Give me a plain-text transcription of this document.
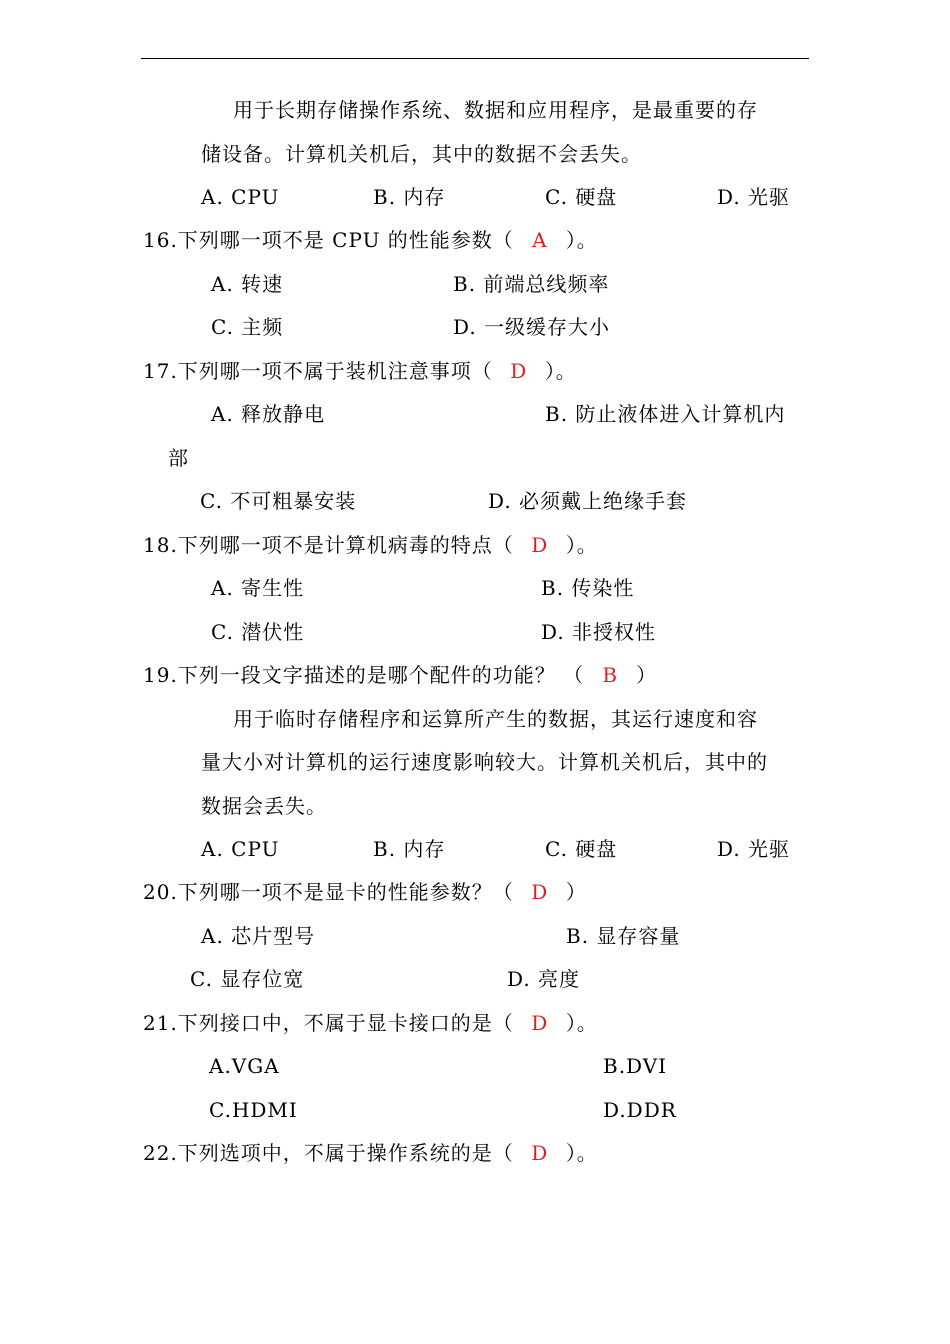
用于长期存储操作系统、数据和应用程序，是最重要的存
储设备。计算机关机后，其中的数据不会丢失。
A. CPU	B. 内存	C. 硬盘	D. 光驱
16.下列哪一项不是 CPU 的性能参数（ A ）。
A. 转速	B. 前端总线频率
C. 主频	D. 一级缓存大小
17.下列哪一项不属于装机注意事项（ D ）。
A. 释放静电	B. 防止液体进入计算机内
部
C. 不可粗暴安装	D. 必须戴上绝缘手套
18.下列哪一项不是计算机病毒的特点（ D ）。
A. 寄生性	B. 传染性
C. 潜伏性	D. 非授权性
19.下列一段文字描述的是哪个配件的功能？ （ B ）
用于临时存储程序和运算所产生的数据，其运行速度和容
量大小对计算机的运行速度影响较大。计算机关机后，其中的
数据会丢失。
A. CPU	B. 内存	C. 硬盘	D. 光驱
20.下列哪一项不是显卡的性能参数？（ D ）
A. 芯片型号	B. 显存容量
C. 显存位宽	D. 亮度
21.下列接口中，不属于显卡接口的是（ D ）。
A.VGA	B.DVI
C.HDMI	D.DDR
22.下列选项中，不属于操作系统的是（ D ）。
